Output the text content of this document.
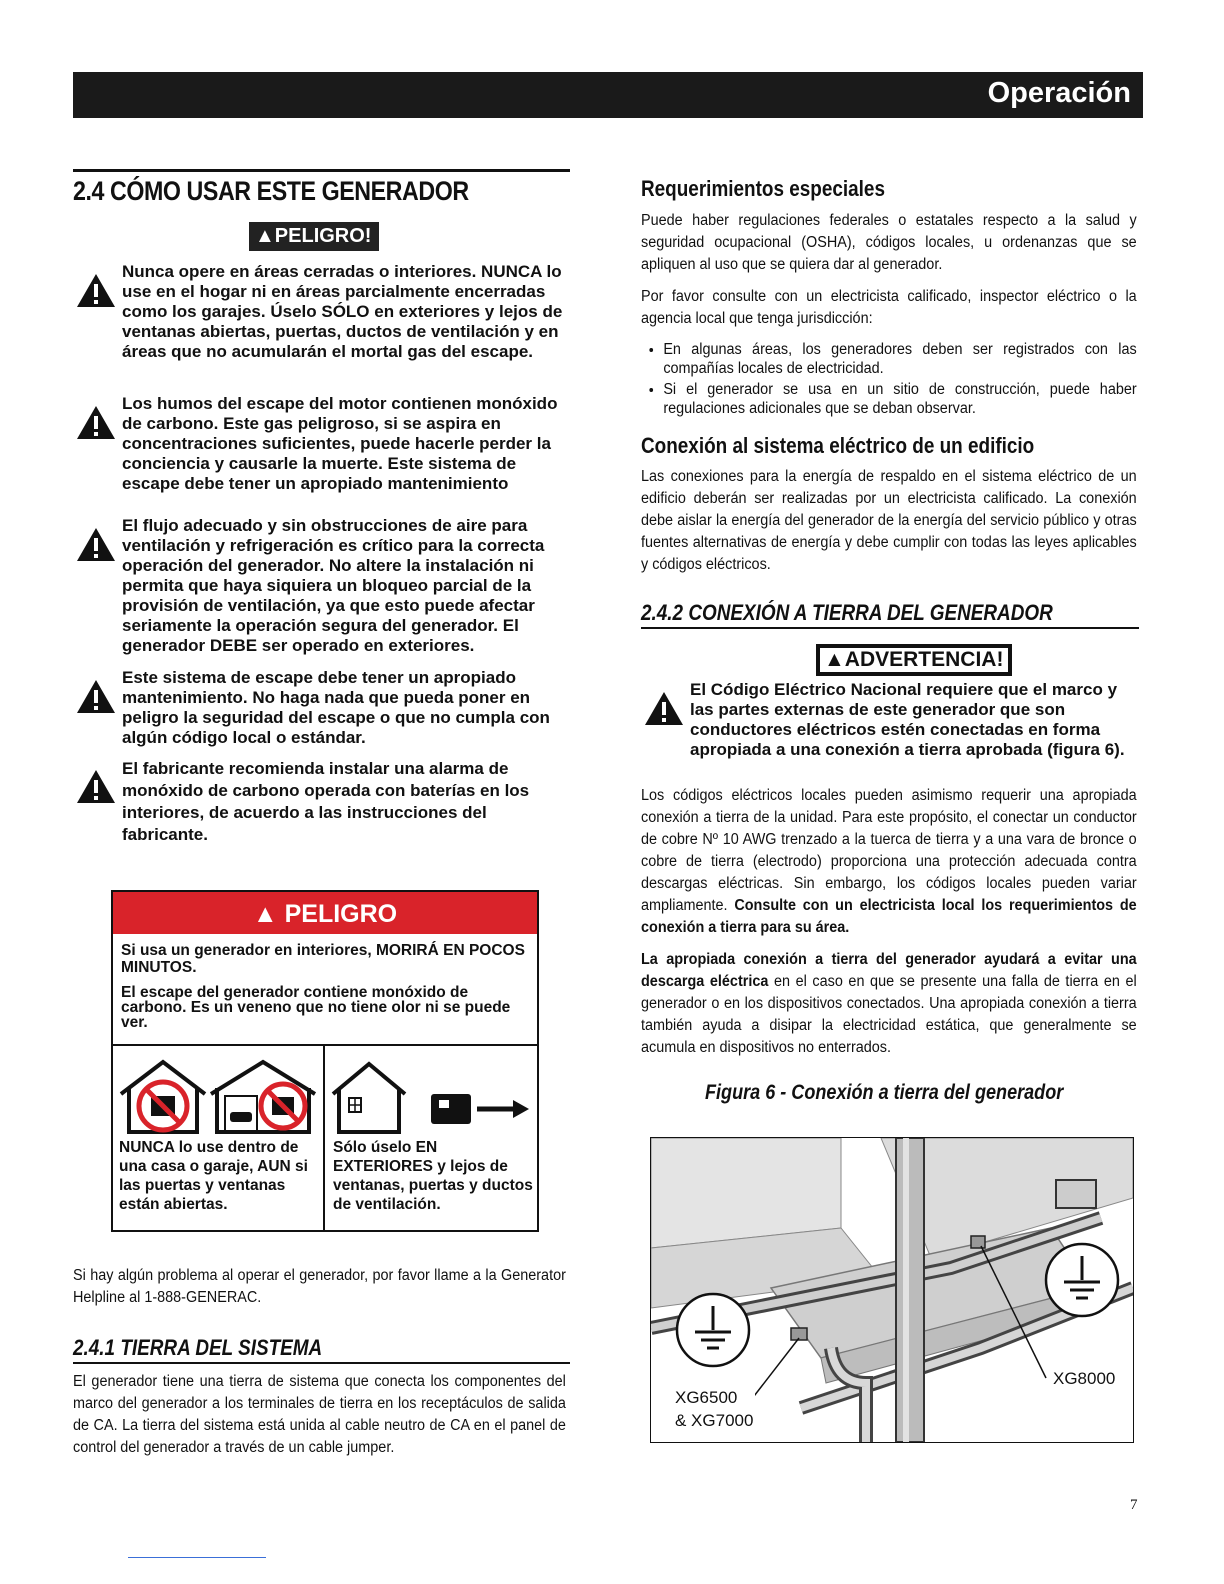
Operación
2.4 CÓMO USAR ESTE GENERADOR
▲PELIGRO!

Nunca opere en áreas cerradas o interiores. NUNCA lo use en el hogar ni en áreas parcialmente encerradas como los garajes. Úselo SÓLO en exteriores y lejos de ventanas abiertas, puertas, ductos de ventilación y en áreas que no acumularán el mortal gas del escape.

Los humos del escape del motor contienen monóxido de carbono. Este gas peligroso, si se aspira en concentraciones suficientes, puede hacerle perder la conciencia y causarle la muerte. Este sistema de escape debe tener un apropiado mantenimiento

El flujo adecuado y sin obstrucciones de aire para ventilación y refrigeración es crítico para la correcta operación del generador. No altere la instalación ni permita que haya siquiera un bloqueo parcial de la provisión de ventilación, ya que esto puede afectar seriamente la operación segura del generador. El generador DEBE ser operado en exteriores.

Este sistema de escape debe tener un apropiado mantenimiento. No haga nada que pueda poner en peligro la seguridad del escape o que no cumpla con algún código local o estándar.

El fabricante recomienda instalar una alarma de monóxido de carbono operada con baterías en los interiores, de acuerdo a las instrucciones del fabricante.

▲ PELIGRO

Si usa un generador en interiores, MORIRÁ EN POCOS MINUTOS.

El escape del generador contiene monóxido de carbono. Es un veneno que no tiene olor ni se puede ver.

NUNCA lo use dentro de una casa o garaje, AUN si las puertas y ventanas están abiertas.
Sólo úselo EN EXTERIORES y lejos de ventanas, puertas y ductos de ventilación.

Si hay algún problema al operar el generador, por favor llame a la Generator Helpline al 1-888-GENERAC.

2.4.1 TIERRA DEL SISTEMA

El generador tiene una tierra de sistema que conecta los componentes del marco del generador a los terminales de tierra en los receptáculos de salida de CA. La tierra del sistema está unida al cable neutro de CA en el panel de control del generador a través de un cable jumper.

Requerimientos especiales

Puede haber regulaciones federales o estatales respecto a la salud y seguridad ocupacional (OSHA), códigos locales, u ordenanzas que se apliquen al uso que se quiera dar al generador.

Por favor consulte con un electricista calificado, inspector eléctrico o la agencia local que tenga jurisdicción:

• En algunas áreas, los generadores deben ser registrados con las compañías locales de electricidad.
• Si el generador se usa en un sitio de construcción, puede haber regulaciones adicionales que se deban observar.
Conexión al sistema eléctrico de un edificio

Las conexiones para la energía de respaldo en el sistema eléctrico de un edificio deberán ser realizadas por un electricista calificado. La conexión debe aislar la energía del generador de la energía del servicio público y otras fuentes alternativas de energía y debe cumplir con todas las leyes aplicables y códigos eléctricos.

2.4.2 CONEXIÓN A TIERRA DEL GENERADOR
▲ADVERTENCIA!

El Código Eléctrico Nacional requiere que el marco y las partes externas de este generador que son conductores eléctricos estén conectadas en forma apropiada a una conexión a tierra aprobada (figura 6).

Los códigos eléctricos locales pueden asimismo requerir una apropiada conexión a tierra de la unidad. Para este propósito, el conectar un conductor de cobre Nº 10 AWG trenzado a la tuerca de tierra y a una vara de bronce o cobre de tierra (electrodo) proporciona una protección adecuada contra descargas eléctricas. Sin embargo, los códigos locales pueden variar ampliamente. Consulte con un electricista local los requerimientos de conexión a tierra para su área.

La apropiada conexión a tierra del generador ayudará a evitar una descarga eléctrica en el caso en que se presente una falla de tierra en el generador o en los dispositivos conectados. Una apropiada conexión a tierra también ayuda a disipar la electricidad estática, que generalmente se acumula en dispositivos no enterrados.

Figura 6 - Conexión a tierra del generador
XG6500
& XG7000
XG8000
7
